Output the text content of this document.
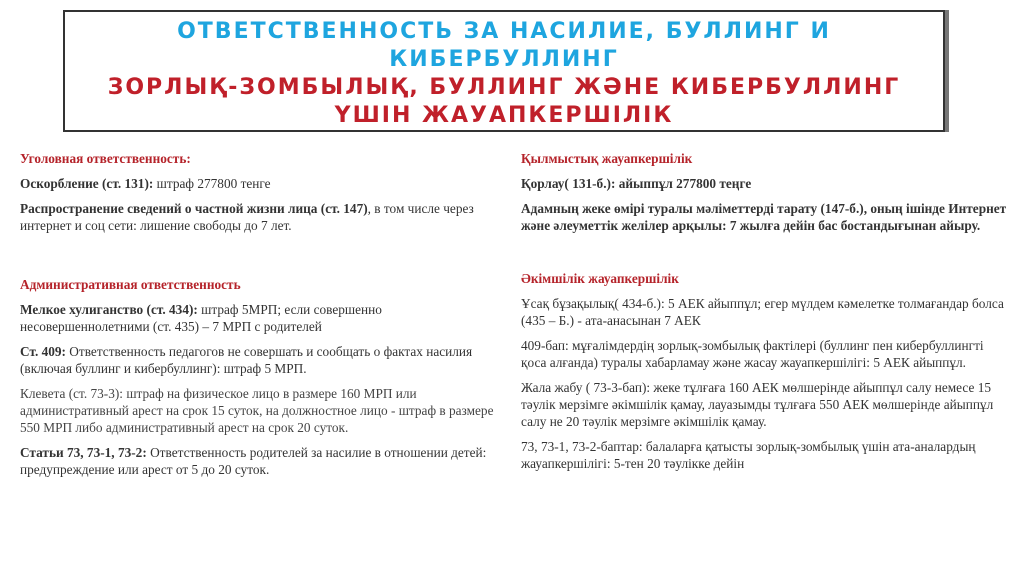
ОТВЕТСТВЕННОСТЬ ЗА НАСИЛИЕ, БУЛЛИНГ И КИБЕРБУЛЛИНГ
ЗОРЛЫҚ-ЗОМБЫЛЫҚ, БУЛЛИНГ ЖӘНЕ КИБЕРБУЛЛИНГ
ҮШІН ЖАУАПКЕРШІЛІК

Уголовная ответственность:

Оскорбление (ст. 131): штраф 277800 тенге

Распространение сведений о частной жизни лица (ст. 147), в том числе через интернет и соц сети: лишение свободы до 7 лет.

Административная ответственность

Мелкое хулиганство (ст. 434): штраф 5МРП; если совершенно несовершеннолетними (ст. 435) – 7 МРП с родителей

Ст. 409: Ответственность педагогов не совершать и сообщать о фактах насилия (включая буллинг и кибербуллинг): штраф 5 МРП.

Клевета (ст. 73-3): штраф на физическое лицо в размере 160 МРП или административный арест на срок 15 суток, на должностное лицо - штраф в размере 550 МРП либо административный арест на срок 20 суток.

Статьи 73, 73-1, 73-2: Ответственность родителей за насилие в отношении детей: предупреждение или арест от 5 до 20 суток.

Қылмыстық жауапкершілік

Қорлау( 131-б.): айыппұл 277800 теңге

Адамның жеке өмірі туралы мәліметтерді тарату (147-б.), оның ішінде Интернет және әлеуметтік желілер арқылы: 7 жылға дейін бас бостандығынан айыру.

Әкімшілік жауапкершілік

Ұсақ бұзақылық( 434-б.): 5 АЕК айыппұл; егер мүлдем кәмелетке толмағандар болса (435 – Б.) - ата-анасынан 7 АЕК

409-бап: мұғалімдердің зорлық-зомбылық фактілері (буллинг пен кибербуллингті қоса алғанда) туралы хабарламау және жасау жауапкершілігі: 5 АЕК айыппұл.

Жала жабу ( 73-3-бап): жеке тұлғаға 160 АЕК мөлшерінде айыппұл салу немесе 15 тәулік мерзімге әкімшілік қамау, лауазымды тұлғаға 550 АЕК мөлшерінде айыппұл салу не 20 тәулік мерзімге әкімшілік қамау.

73, 73-1, 73-2-баптар: балаларға қатысты зорлық-зомбылық үшін ата-аналардың жауапкершілігі: 5-тен 20 тәулікке дейін
